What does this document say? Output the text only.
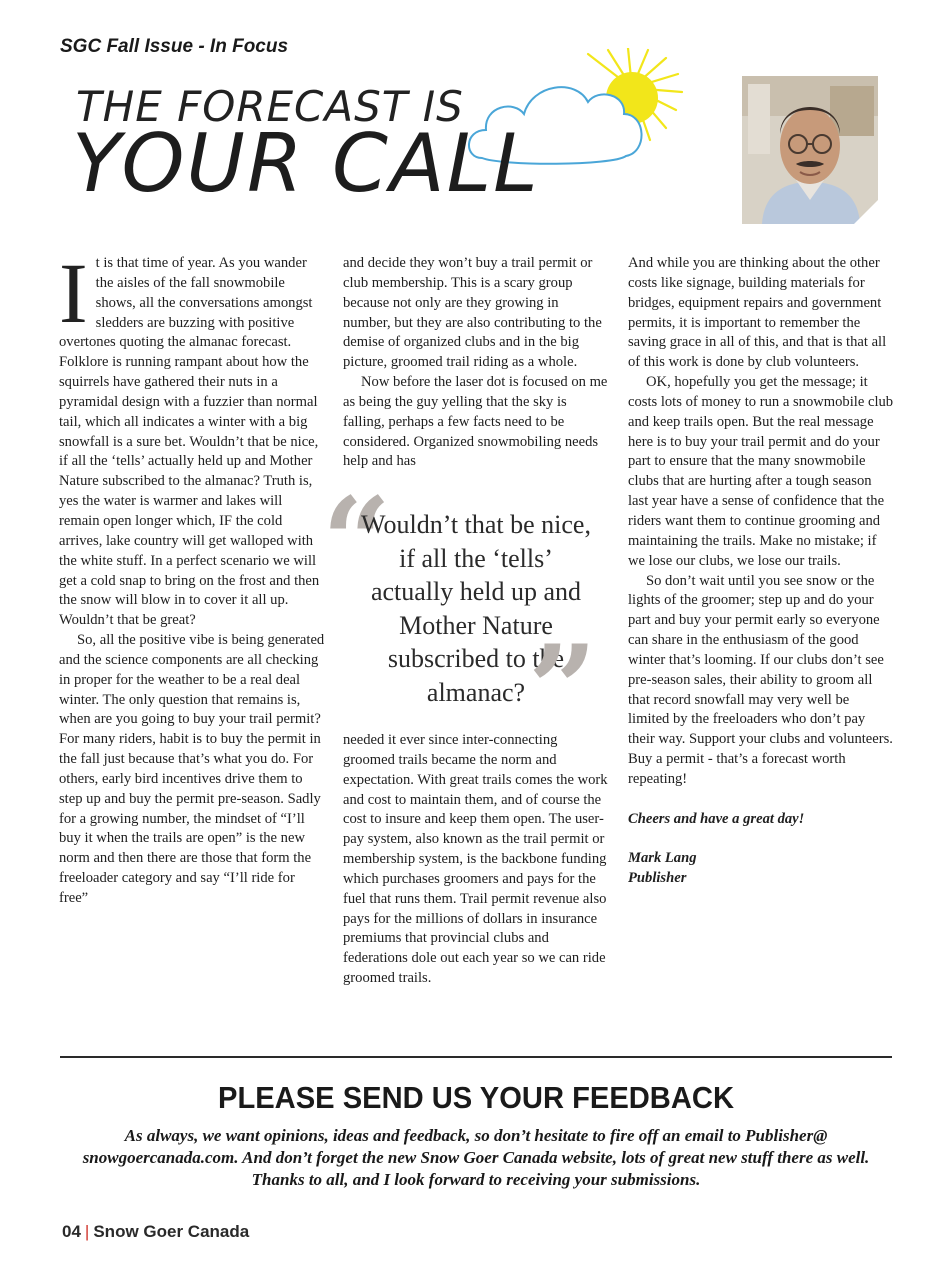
SGC Fall Issue - In Focus
THE FORECAST IS
YOUR CALL

It is that time of year. As you wander the aisles of the fall snowmobile shows, all the conversations amongst sledders are buzzing with positive overtones quoting the almanac forecast. Folklore is running rampant about how the squirrels have gathered their nuts in a pyramidal design with a fuzzier than normal tail, which all indicates a winter with a big snowfall is a sure bet. Wouldn’t that be nice, if all the ‘tells’ actually held up and Mother Nature subscribed to the almanac? Truth is, yes the water is warmer and lakes will remain open longer which, IF the cold arrives, lake country will get walloped with the white stuff. In a perfect scenario we will get a cold snap to bring on the frost and then the snow will blow in to cover it all up. Wouldn’t that be great?

So, all the positive vibe is being generated and the science components are all checking in proper for the weather to be a real deal winter. The only question that remains is, when are you going to buy your trail permit? For many riders, habit is to buy the permit in the fall just because that’s what you do. For others, early bird incentives drive them to step up and buy the permit pre-season. Sadly for a growing number, the mindset of “I’ll buy it when the trails are open” is the new norm and then there are those that form the freeloader category and say “I’ll ride for free”

and decide they won’t buy a trail permit or club membership. This is a scary group because not only are they growing in number, but they are also contributing to the demise of organized clubs and in the big picture, groomed trail riding as a whole.

Now before the laser dot is focused on me as being the guy yelling that the sky is falling, perhaps a few facts need to be considered. Organized snowmobiling needs help and has

“
Wouldn’t that be nice, if all the ‘tells’ actually held up and Mother Nature subscribed to the almanac? ”

needed it ever since inter-connecting groomed trails became the norm and expectation. With great trails comes the work and cost to maintain them, and of course the cost to insure and keep them open. The user-pay system, also known as the trail permit or membership system, is the backbone funding which purchases groomers and pays for the fuel that runs them. Trail permit revenue also pays for the millions of dollars in insurance premiums that provincial clubs and federations dole out each year so we can ride groomed trails.

And while you are thinking about the other costs like signage, building materials for bridges, equipment repairs and government permits, it is important to remember the saving grace in all of this, and that is that all of this work is done by club volunteers.

OK, hopefully you get the message; it costs lots of money to run a snowmobile club and keep trails open. But the real message here is to buy your trail permit and do your part to ensure that the many snowmobile clubs that are hurting after a tough season last year have a sense of confidence that the riders want them to continue grooming and maintaining the trails. Make no mistake; if we lose our clubs, we lose our trails.

So don’t wait until you see snow or the lights of the groomer; step up and do your part and buy your permit early so everyone can share in the enthusiasm of the good winter that’s looming. If our clubs don’t see pre-season sales, their ability to groom all that record snowfall may very well be limited by the freeloaders who don’t pay their way. Support your clubs and volunteers. Buy a permit - that’s a forecast worth repeating!

Cheers and have a great day!

Mark Lang

Publisher

PLEASE SEND US YOUR FEEDBACK
As always, we want opinions, ideas and feedback, so don’t hesitate to fire off an email to Publisher@ snowgoercanada.com. And don’t forget the new Snow Goer Canada website, lots of great new stuff there as well. Thanks to all, and I look forward to receiving your submissions.
04 | Snow Goer Canada
